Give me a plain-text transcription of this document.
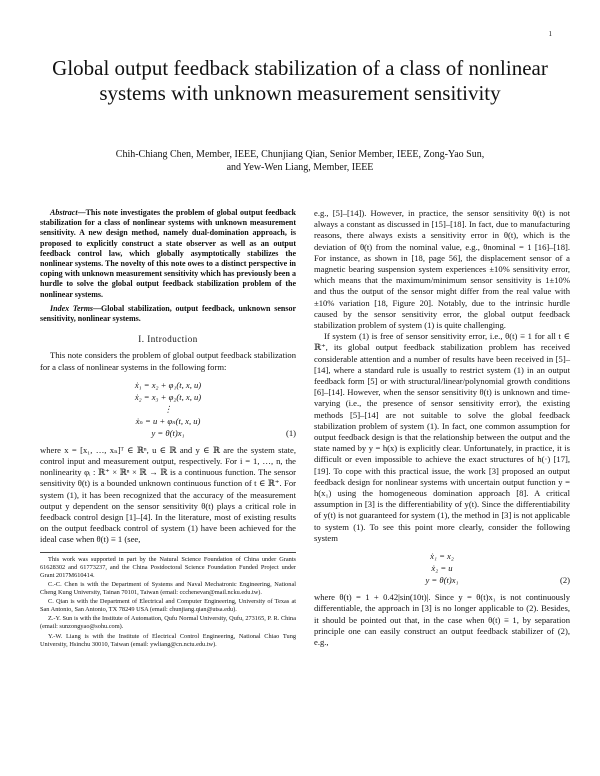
1
Global output feedback stabilization of a class of nonlinear systems with unknown measurement sensitivity
Chih-Chiang Chen, Member, IEEE, Chunjiang Qian, Senior Member, IEEE, Zong-Yao Sun,
and Yew-Wen Liang, Member, IEEE
Abstract—This note investigates the problem of global output feedback stabilization for a class of nonlinear systems with unknown measurement sensitivity. A new design method, namely dual-domination approach, is proposed to explicitly construct a state observer as well as an output feedback control law, which globally asymptotically stabilizes the nonlinear systems. The novelty of this note owes to a distinct perspective in coping with unknown measurement sensitivity which has previously been a hurdle to solve the global output feedback stabilization problem of the nonlinear systems.
Index Terms—Global stabilization, output feedback, unknown sensor sensitivity, nonlinear systems.
I. Introduction

This note considers the problem of global output feedback stabilization for a class of nonlinear systems in the following form:

ẋ₁ = x₂ + φ₁(t, x, u)
ẋ₂ = x₃ + φ₂(t, x, u)
⋮
ẋₙ = u + φₙ(t, x, u)
y = θ(t)x₁	(1)

where x = [x₁, …, xₙ]ᵀ ∈ ℝⁿ, u ∈ ℝ and y ∈ ℝ are the system state, control input and measurement output, respectively. For i = 1, …, n, the nonlinearity φᵢ : ℝ⁺ × ℝⁿ × ℝ → ℝ is a continuous function. The sensor sensitivity θ(t) is a bounded unknown continuous function of t ∈ ℝ⁺. For system (1), it has been recognized that the accuracy of the measurement output y dependent on the sensor sensitivity θ(t) plays a critical role in feedback control design [1]–[4]. In the literature, most of existing results on the output feedback control of system (1) have been achieved for the ideal case when θ(t) ≡ 1 (see,

This work was supported in part by the Natural Science Foundation of China under Grants 61628302 and 61773237, and the China Postdoctoral Science Foundation Funded Project under Grant 2017M610414.
C.-C. Chen is with the Department of Systems and Naval Mechatronic Engineering, National Cheng Kung University, Tainan 70101, Taiwan (email: ccchenevan@mail.ncku.edu.tw).
C. Qian is with the Department of Electrical and Computer Engineering, University of Texas at San Antonio, San Antonio, TX 78249 USA (email: chunjiang.qian@utsa.edu).
Z.-Y. Sun is with the Institute of Automation, Qufu Normal University, Qufu, 273165, P. R. China (email: sunzongyao@sohu.com).
Y.-W. Liang is with the Institute of Electrical Control Engineering, National Chiao Tung University, Hsinchu 30010, Taiwan (email: ywliang@cn.nctu.edu.tw).

e.g., [5]–[14]). However, in practice, the sensor sensitivity θ(t) is not always a constant as discussed in [15]–[18]. In fact, due to manufacturing reasons, there always exists a sensitivity error in θ(t), which is the deviation of θ(t) from the nominal value, e.g., θnominal = 1 [16]–[18]. For instance, as shown in [18, page 56], the displacement sensor of a magnetic bearing suspension system experiences ±10% sensitivity error, which means that the maximum/minimum sensor sensitivity is 1±10% and thus the output of the sensor might differ from the real value with ±10% variation [18, Figure 20]. Notably, due to the intrinsic hurdle caused by the sensor sensitivity error, the global output feedback stabilization problem of system (1) is quite challenging.

If system (1) is free of sensor sensitivity error, i.e., θ(t) ≡ 1 for all t ∈ ℝ⁺, its global output feedback stabilization problem has received considerable attention and a number of results have been received in [5]–[14], where a standard rule is usually to restrict system (1) in an output feedback form [5] or with structural/linear/polynomial growth conditions [6]–[14]. However, when the sensor sensitivity θ(t) is unknown and time-varying (i.e., the presence of sensor sensitivity error), the existing methods [5]–[14] are not suitable to solve the global feedback stabilization problem of system (1). In fact, one common assumption for output feedback design is that the relationship between the output and the state named by y = h(x) is explicitly clear. Unfortunately, in practice, it is difficult or even impossible to achieve the exact structures of h(·) [17], [19]. To cope with this practical issue, the work [3] proposed an output feedback design for nonlinear systems with uncertain output function y = h(x₁) using the homogeneous domination approach [8]. A critical assumption in [3] is the differentiability of y(t). Since the differentiability of y(t) is not guaranteed for system (1), the method in [3] is not applicable to system (1). To see this point more clearly, consider the following system

ẋ₁ = x₂
ẋ₂ = u
y = θ(t)x₁	(2)

where θ(t) = 1 + 0.42|sin(10t)|. Since y = θ(t)x₁ is not continuously differentiable, the approach in [3] is no longer applicable to (2). Besides, it should be pointed out that, in the case when θ(t) ≡ 1, by separation principle one can easily construct an output feedback stabilizer of (2), e.g.,
